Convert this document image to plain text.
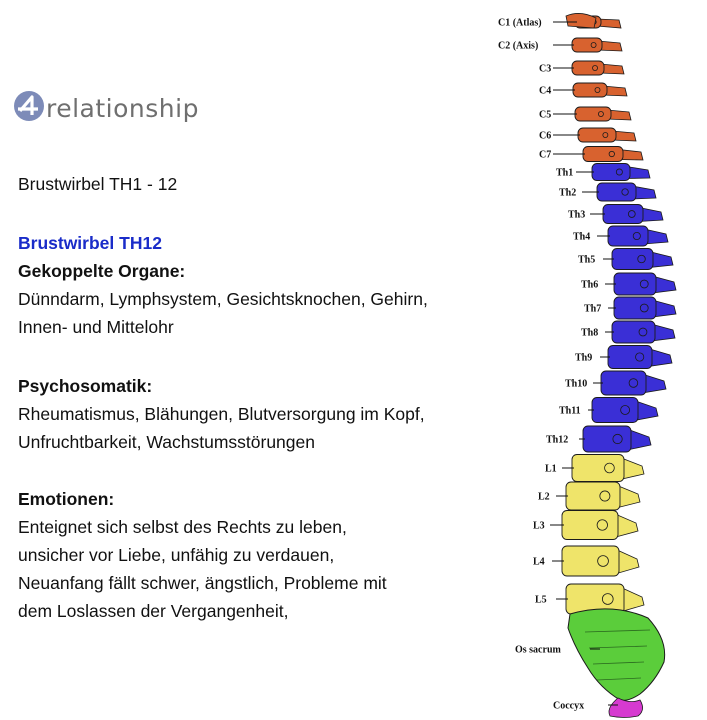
relationship
Brustwirbel TH1 - 12
Brustwirbel TH12
Gekoppelte Organe:
Dünndarm, Lymphsystem, Gesichtsknochen, Gehirn,
Innen- und Mittelohr
Psychosomatik:
Rheumatismus, Blähungen, Blutversorgung im Kopf,
Unfruchtbarkeit, Wachstumsstörungen
Emotionen:
Enteignet sich selbst des Rechts zu leben,
unsicher vor Liebe, unfähig zu verdauen,
Neuanfang fällt schwer, ängstlich, Probleme mit
dem Loslassen der Vergangenheit,
C1 (Atlas)
C2 (Axis)
C3
C4
C5
C6
C7
Th1
Th2
Th3
Th4
Th5
Th6
Th7
Th8
Th9
Th10
Th11
Th12
L1
L2
L3
L4
L5
Os sacrum
Coccyx
